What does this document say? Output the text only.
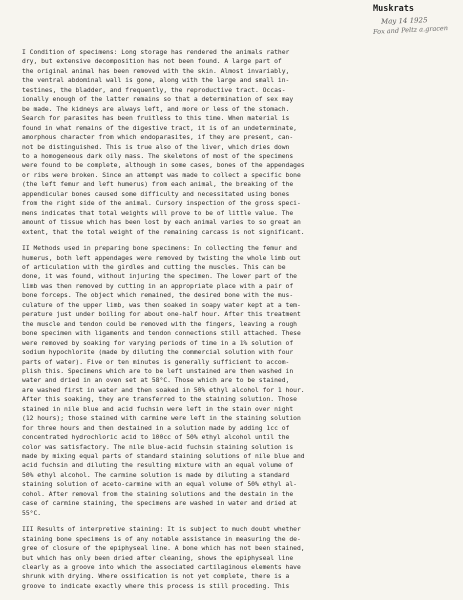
Muskrats
May 14 1925
Fox and Peltz a.gracen
I Condition of specimens: Long storage has rendered the animals rather
dry, but extensive decomposition has not been found. A large part of
the original animal has been removed with the skin. Almost invariably,
the ventral abdominal wall is gone, along with the large and small in-
testines, the bladder, and frequently, the reproductive tract. Occas-
ionally enough of the latter remains so that a determination of sex may
be made. The kidneys are always left, and more or less of the stomach.
Search for parasites has been fruitless to this time. When material is
found in what remains of the digestive tract, it is of an undeterminate,
amorphous character from which endoparasites, if they are present, can-
not be distinguished. This is true also of the liver, which dries down
to a homogeneous dark oily mass. The skeletons of most of the specimens
were found to be complete, although in some cases, bones of the appendages
or ribs were broken. Since an attempt was made to collect a specific bone
(the left femur and left humerus) from each animal, the breaking of the
appendicular bones caused some difficulty and necessitated using bones
from the right side of the animal. Cursory inspection of the gross speci-
mens indicates that total weights will prove to be of little value. The
amount of tissue which has been lost by each animal varies to so great an
extent, that the total weight of the remaining carcass is not significant.
II Methods used in preparing bone specimens: In collecting the femur and
humerus, both left appendages were removed by twisting the whole limb out
of articulation with the girdles and cutting the muscles. This can be
done, it was found, without injuring the specimen. The lower part of the
limb was then removed by cutting in an appropriate place with a pair of
bone forceps. The object which remained, the desired bone with the mus-
culature of the upper limb, was then soaked in soapy water kept at a tem-
perature just under boiling for about one-half hour. After this treatment
the muscle and tendon could be removed with the fingers, leaving a rough
bone specimen with ligaments and tendon connections still attached. These
were removed by soaking for varying periods of time in a 1% solution of
sodium hypochlorite (made by diluting the commercial solution with four
parts of water). Five or ten minutes is generally sufficient to accom-
plish this. Specimens which are to be left unstained are then washed in
water and dried in an oven set at 58°C. Those which are to be stained,
are washed first in water and then soaked in 50% ethyl alcohol for 1 hour.
After this soaking, they are transferred to the staining solution. Those
stained in nile blue and acid fuchsin were left in the stain over night
(12 hours); those stained with carmine were left in the staining solution
for three hours and then destained in a solution made by adding 1cc of
concentrated hydrochloric acid to 100cc of 50% ethyl alcohol until the
color was satisfactory. The nile blue-acid fuchsin staining solution is
made by mixing equal parts of standard staining solutions of nile blue and
acid fuchsin and diluting the resulting mixture with an equal volume of
50% ethyl alcohol. The carmine solution is made by diluting a standard
staining solution of aceto-carmine with an equal volume of 50% ethyl al-
cohol. After removal from the staining solutions and the destain in the
case of carmine staining, the specimens are washed in water and dried at
55°C.
III Results of interpretive staining: It is subject to much doubt whether
staining bone specimens is of any notable assistance in measuring the de-
gree of closure of the epiphyseal line. A bone which has not been stained,
but which has only been dried after cleaning, shows the epiphyseal line
clearly as a groove into which the associated cartilaginous elements have
shrunk with drying. Where ossification is not yet complete, there is a
groove to indicate exactly where this process is still proceding. This
